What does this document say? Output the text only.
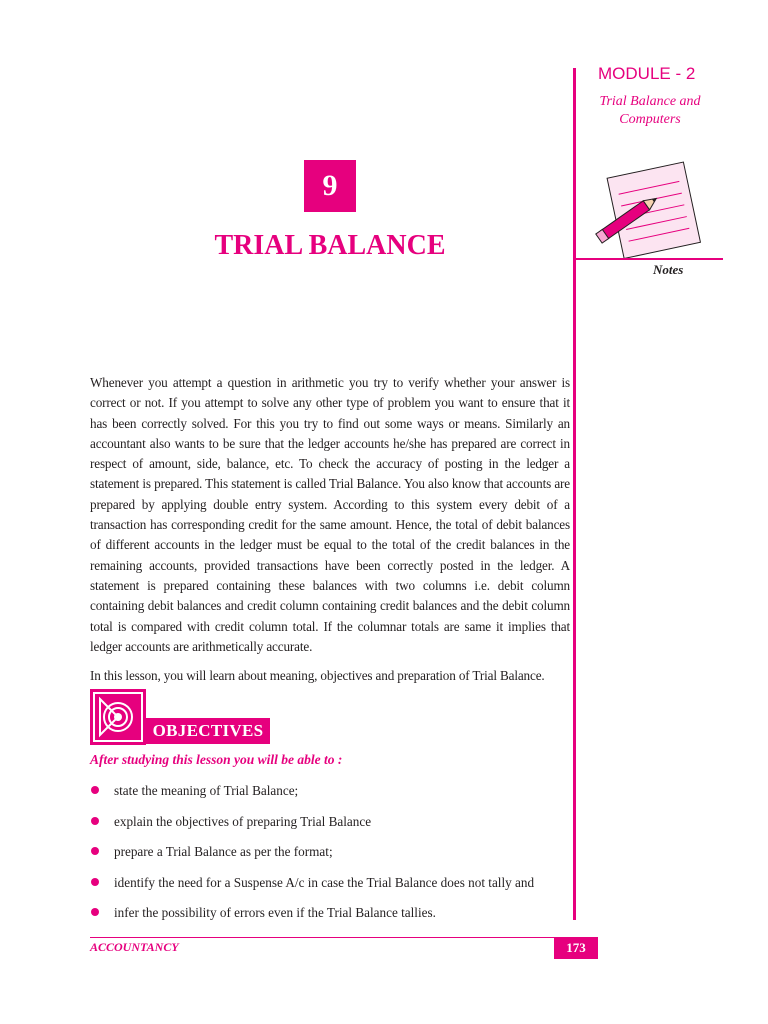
MODULE - 2
Trial Balance and
Computers
Notes
9
TRIAL BALANCE
Whenever you attempt a question in arithmetic you try to verify whether your answer is correct or not. If you attempt to solve any other type of problem you want to ensure that it has been correctly solved. For this you try to find out some ways or means. Similarly an accountant also wants to be sure that the ledger accounts he/she has prepared are correct in respect of amount, side, balance, etc. To check the accuracy of posting in the ledger a statement is prepared. This statement is called Trial Balance. You also know that accounts are prepared by applying double entry system. According to this system every debit of a transaction has corresponding credit for the same amount. Hence, the total of debit balances of different accounts in the ledger must be equal to the total of the credit balances in the remaining accounts, provided transactions have been correctly posted in the ledger. A statement is prepared containing these balances with two columns i.e. debit column containing debit balances and credit column containing credit balances and the debit column total is compared with credit column total. If the columnar totals are same it implies that ledger accounts are arithmetically accurate.
In this lesson, you will learn about meaning, objectives and preparation of Trial Balance.
OBJECTIVES
After studying this lesson you will be able to :
state the meaning of Trial Balance;
explain the objectives of preparing Trial Balance
prepare a Trial Balance as per the format;
identify the need for a Suspense A/c in case the Trial Balance does not tally and
infer the possibility of errors even if the Trial Balance tallies.
ACCOUNTANCY	173
